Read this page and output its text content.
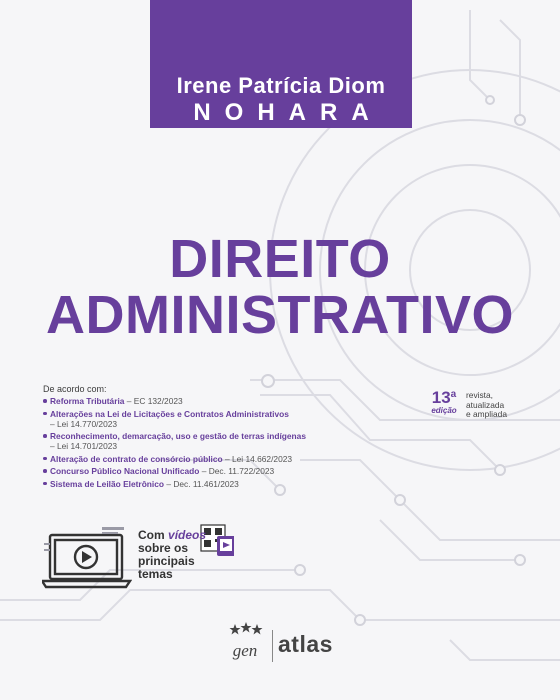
Irene Patrícia Diom
NOHARA
DIREITO
ADMINISTRATIVO
De acordo com:
Reforma Tributária – EC 132/2023
Alterações na Lei de Licitações e Contratos Administrativos
– Lei 14.770/2023
Reconhecimento, demarcação, uso e gestão de terras indígenas
– Lei 14.701/2023
Alteração de contrato de consórcio público – Lei 14.662/2023
Concurso Público Nacional Unificado – Dec. 11.722/2023
Sistema de Leilão Eletrônico – Dec. 11.461/2023
13$^a$
edição
revista,
atualizada
e ampliada
Com vídeos
sobre os
principais
temas
gen atlas
